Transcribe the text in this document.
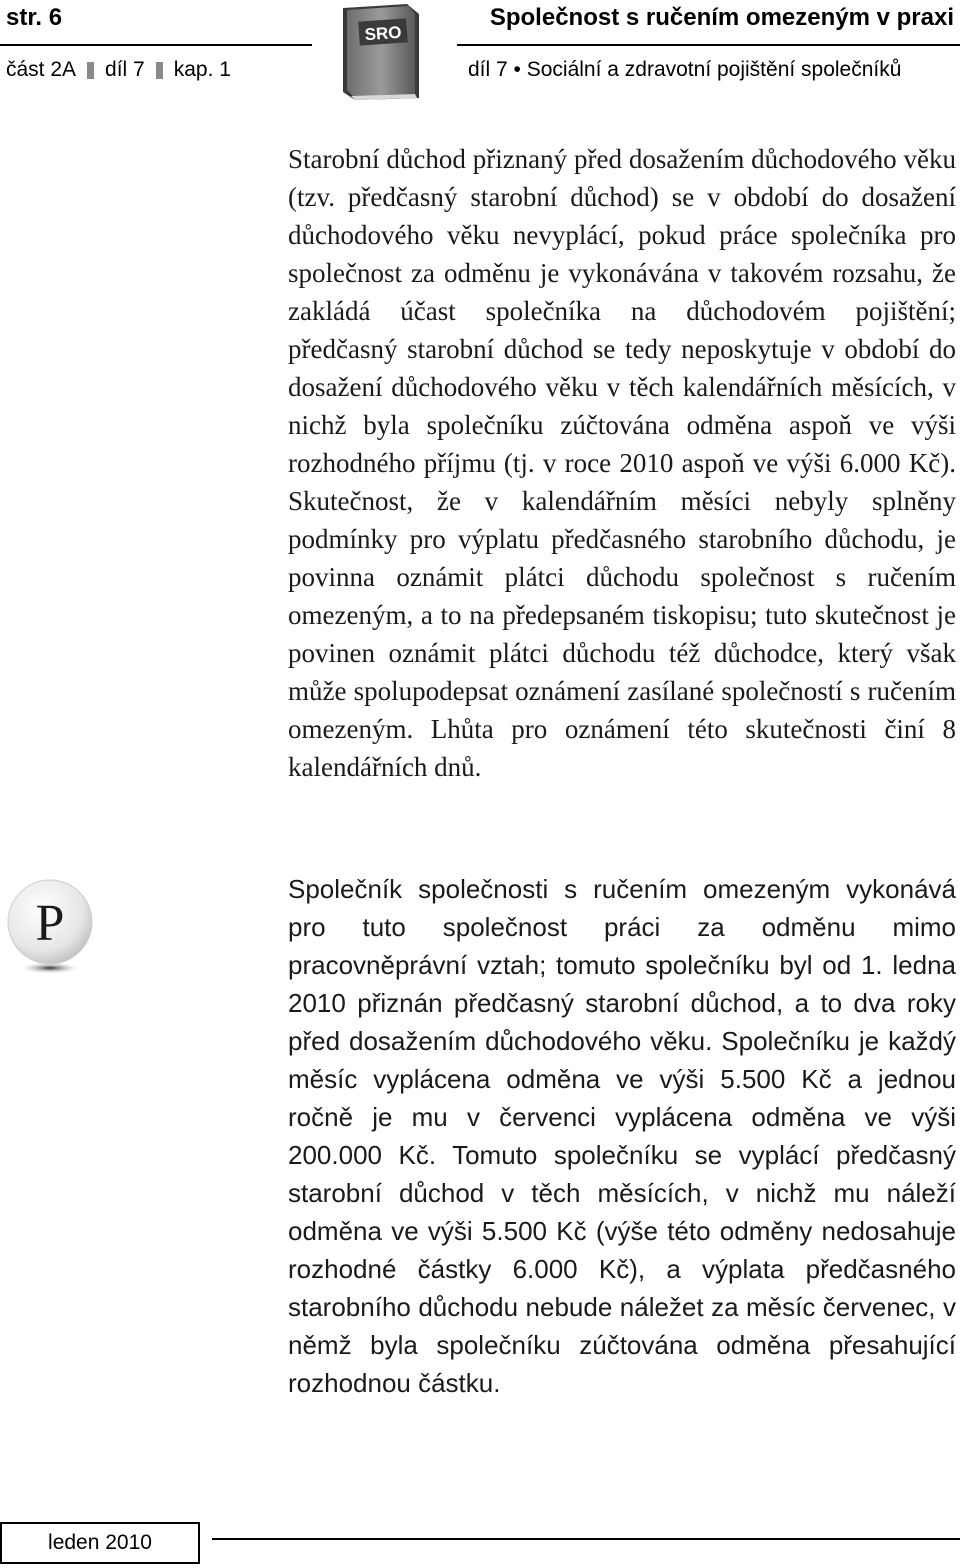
str. 6
část 2A díl 7 kap. 1
SRO
Společnost s ručením omezeným v praxi
díl 7 • Sociální a zdravotní pojištění společníků

Starobní důchod přiznaný před dosažením důchodového věku (tzv. předčasný starobní důchod) se v období do dosažení důchodového věku nevyplácí, pokud práce společníka pro společnost za odměnu je vykonávána v takovém rozsahu, že zakládá účast společníka na důchodovém pojištění; předčasný starobní důchod se tedy neposkytuje v období do dosažení důchodového věku v těch kalendářních měsících, v nichž byla společníku zúčtována odměna aspoň ve výši rozhodného příjmu (tj. v roce 2010 aspoň ve výši 6.000 Kč). Skutečnost, že v kalendářním měsíci nebyly splněny podmínky pro výplatu předčasného starobního důchodu, je povinna oznámit plátci důchodu společnost s ručením omezeným, a to na předepsaném tiskopisu; tuto skutečnost je povinen oznámit plátci důchodu též důchodce, který však může spolupodepsat oznámení zasílané společností s ručením omezeným. Lhůta pro oznámení této skutečnosti činí 8 kalendářních dnů.

P

Společník společnosti s ručením omezeným vykonává pro tuto společnost práci za odměnu mimo pracovněprávní vztah; tomuto společníku byl od 1. ledna 2010 přiznán předčasný starobní důchod, a to dva roky před dosažením důchodového věku. Společníku je každý měsíc vyplácena odměna ve výši 5.500 Kč a jednou ročně je mu v červenci vyplácena odměna ve výši 200.000 Kč. Tomuto společníku se vyplácí předčasný starobní důchod v těch měsících, v nichž mu náleží odměna ve výši 5.500 Kč (výše této odměny nedosahuje rozhodné částky 6.000 Kč), a výplata předčasného starobního důchodu nebude náležet za měsíc červenec, v němž byla společníku zúčtována odměna přesahující rozhodnou částku.

leden 2010
